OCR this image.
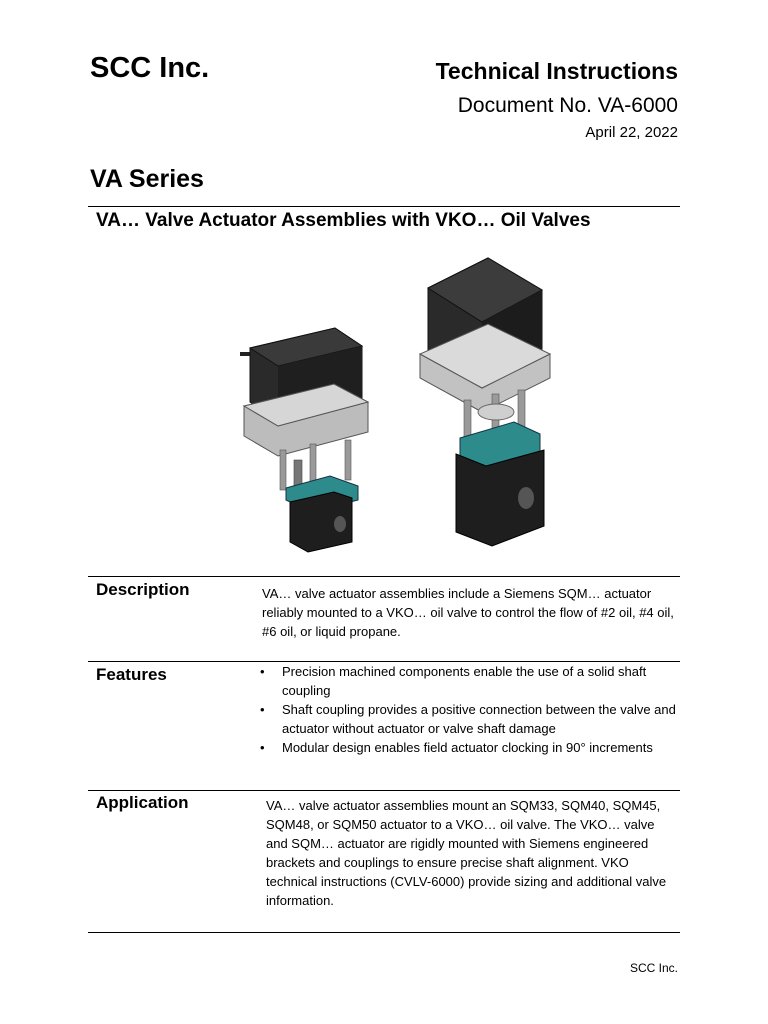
SCC Inc.	Technical Instructions
Document No. VA-6000
April 22, 2022
VA Series
VA… Valve Actuator Assemblies with VKO… Oil Valves
Description	VA… valve actuator assemblies include a Siemens SQM… actuator reliably mounted to a VKO… oil valve to control the flow of #2 oil, #4 oil, #6 oil, or liquid propane.
Features
•	Precision machined components enable the use of a solid shaft coupling
• Shaft coupling provides a positive connection between the valve and actuator without actuator or valve shaft damage
• Modular design enables field actuator clocking in 90° increments
Application	VA… valve actuator assemblies mount an SQM33, SQM40, SQM45, SQM48, or SQM50 actuator to a VKO… oil valve. The VKO… valve and SQM… actuator are rigidly mounted with Siemens engineered brackets and couplings to ensure precise shaft alignment. VKO technical instructions (CVLV-6000) provide sizing and additional valve information.
SCC Inc.
